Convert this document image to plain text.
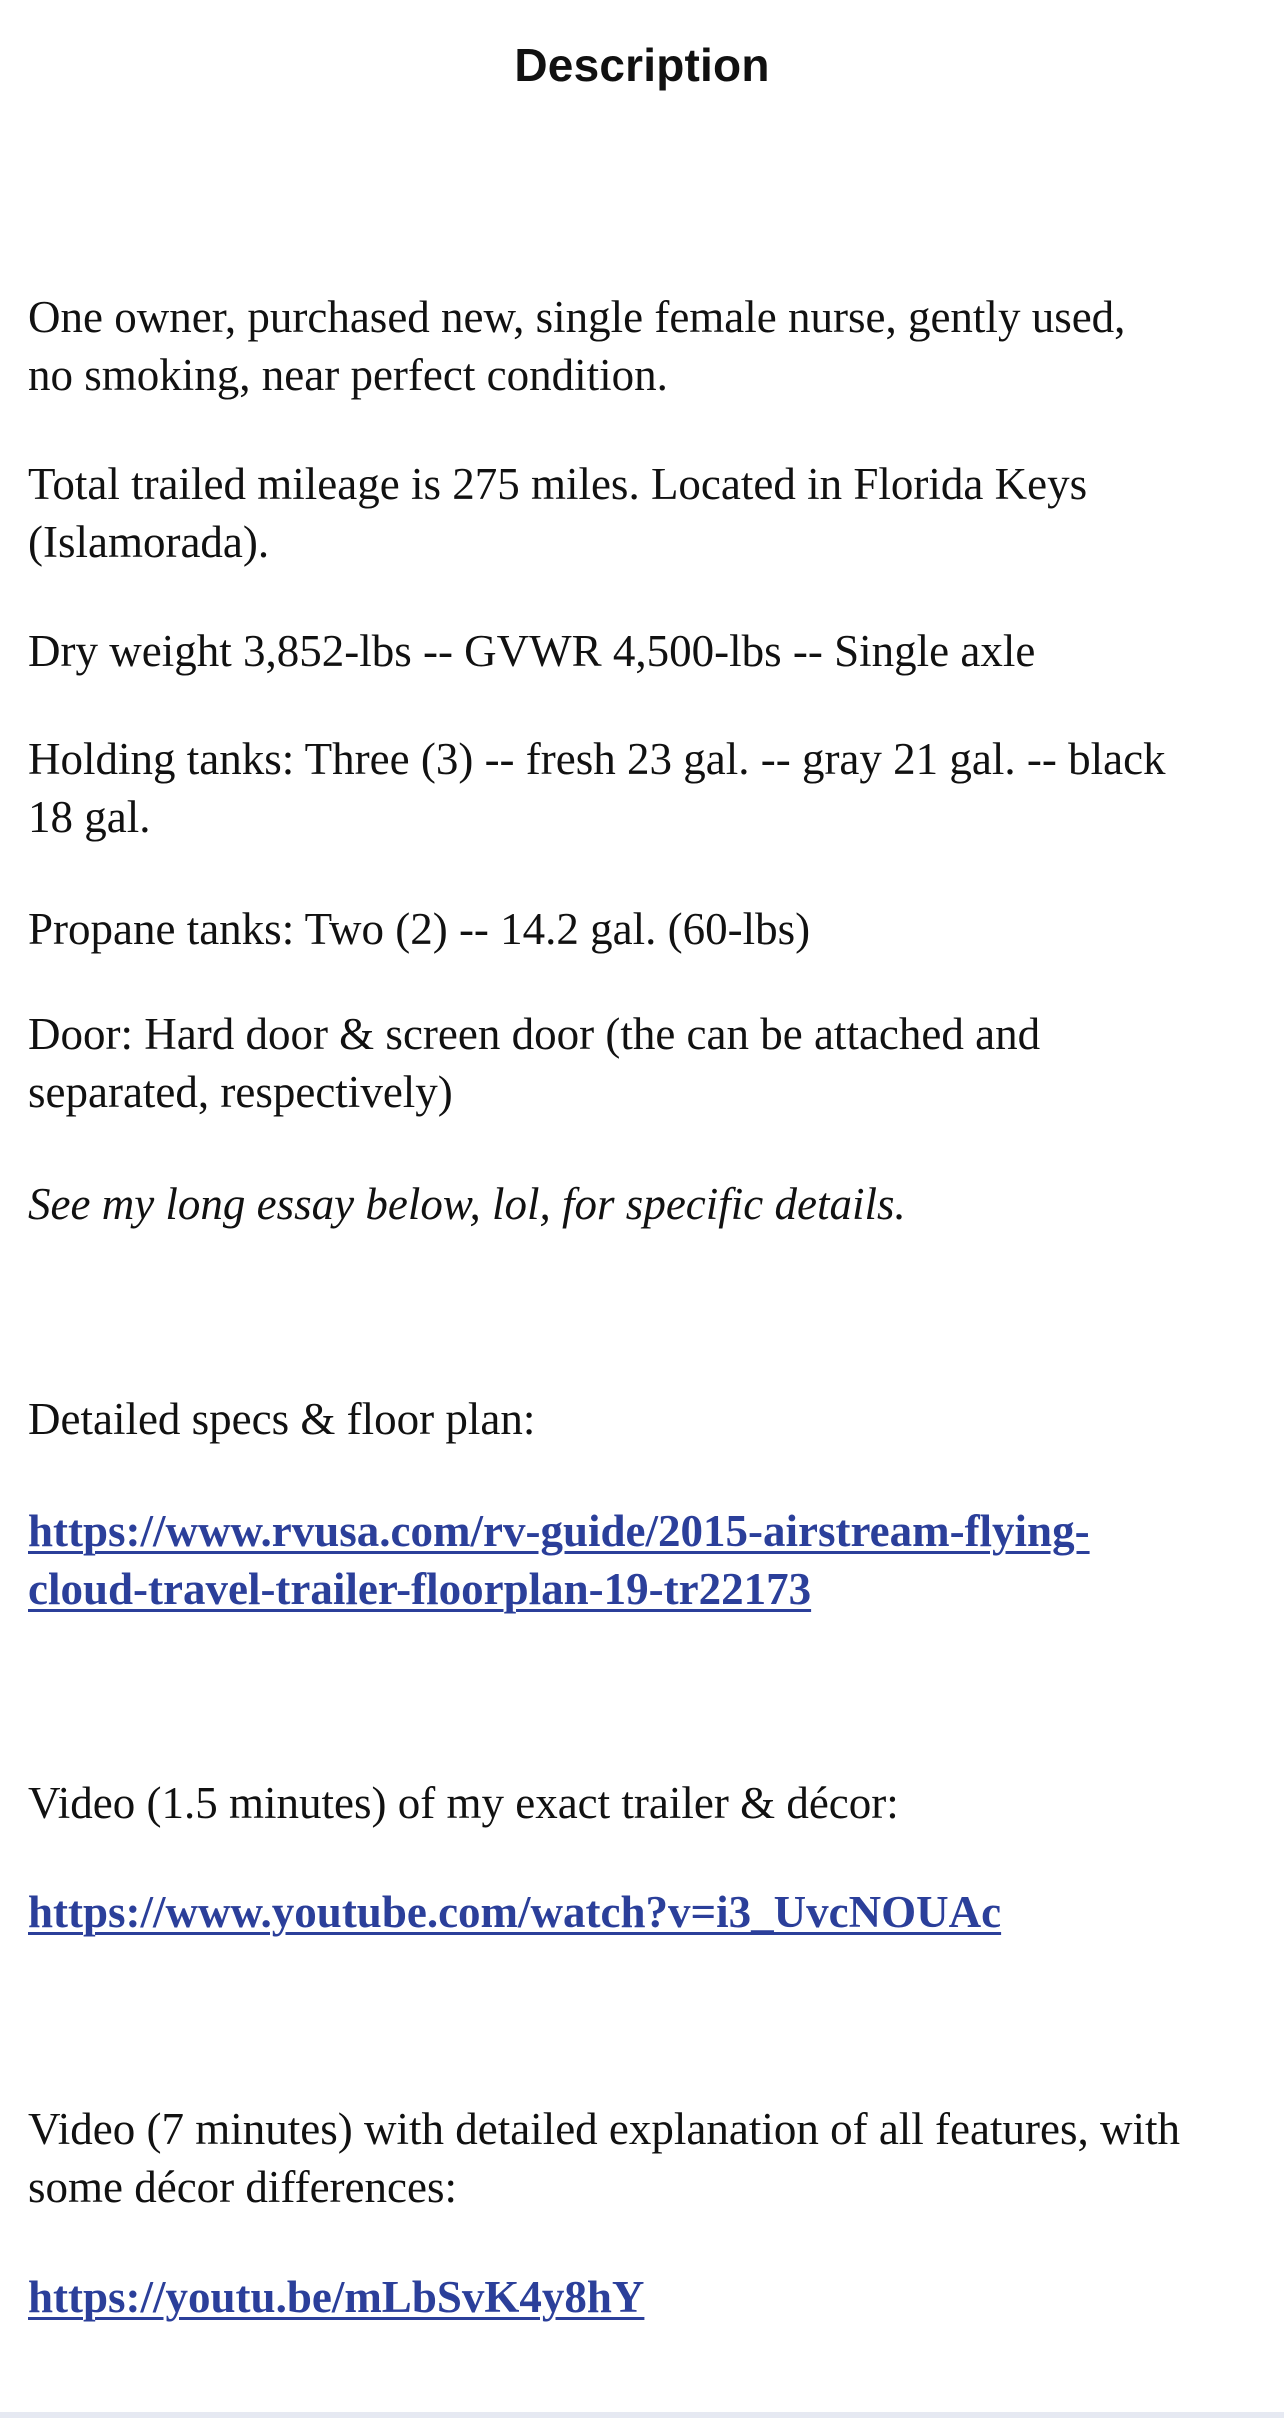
Description

One owner, purchased new, single female nurse, gently used,
no smoking, near perfect condition.

Total trailed mileage is 275 miles. Located in Florida Keys
(Islamorada).

Dry weight 3,852-lbs -- GVWR 4,500-lbs -- Single axle

Holding tanks: Three (3) -- fresh 23 gal. -- gray 21 gal. -- black
18 gal.

Propane tanks: Two (2) -- 14.2 gal. (60-lbs)

Door: Hard door & screen door (the can be attached and
separated, respectively)

See my long essay below, lol, for specific details.

Detailed specs & floor plan:

https://www.rvusa.com/rv-guide/2015-airstream-flying-
cloud-travel-trailer-floorplan-19-tr22173

Video (1.5 minutes) of my exact trailer & décor:

https://www.youtube.com/watch?v=i3_UvcNOUAc

Video (7 minutes) with detailed explanation of all features, with
some décor differences:

https://youtu.be/mLbSvK4y8hY
